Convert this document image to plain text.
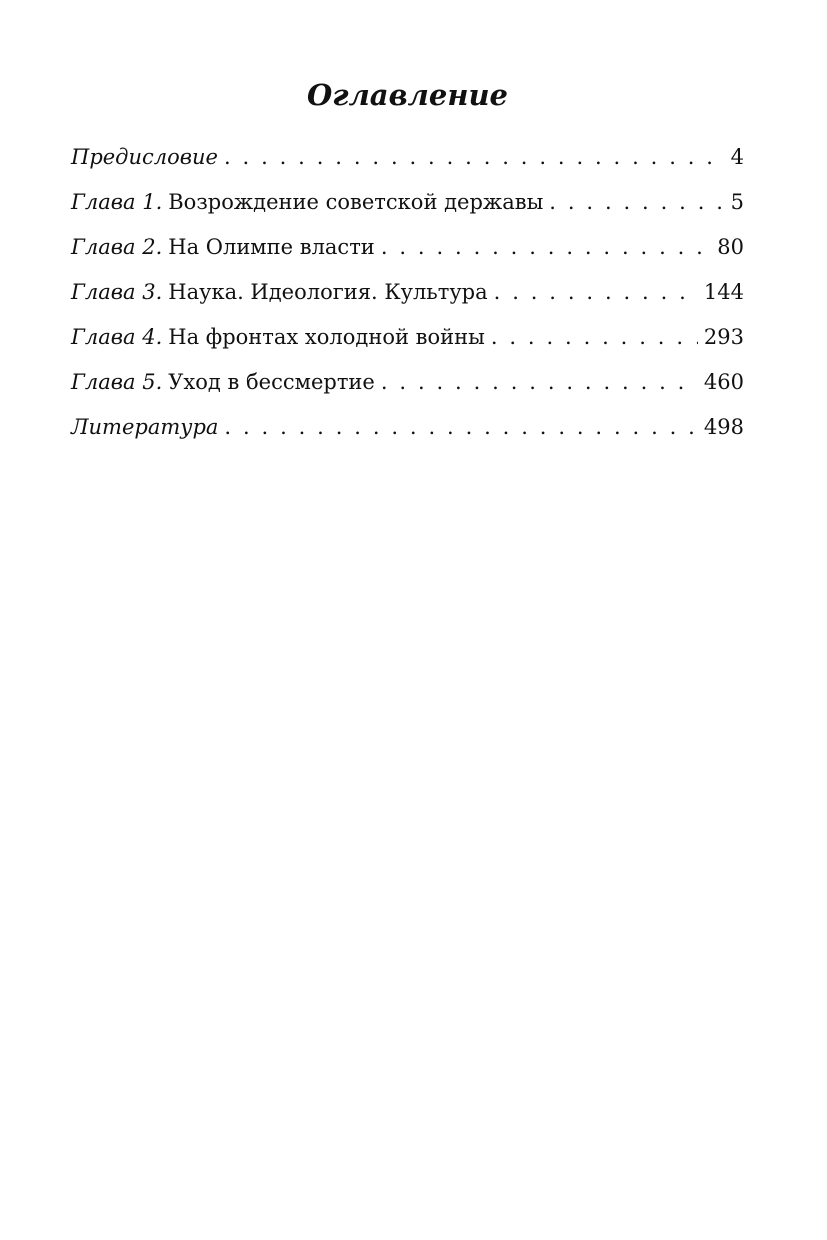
Оглавление
Предисловие . . .	4
Глава 1. Возрождение советской державы . . .	5
Глава 2. На Олимпе власти . . .	80
Глава 3. Наука. Идеология. Культура . . .	144
Глава 4. На фронтах холодной войны . . .	293
Глава 5. Уход в бессмертие . . .	460
Литература . . .	498
